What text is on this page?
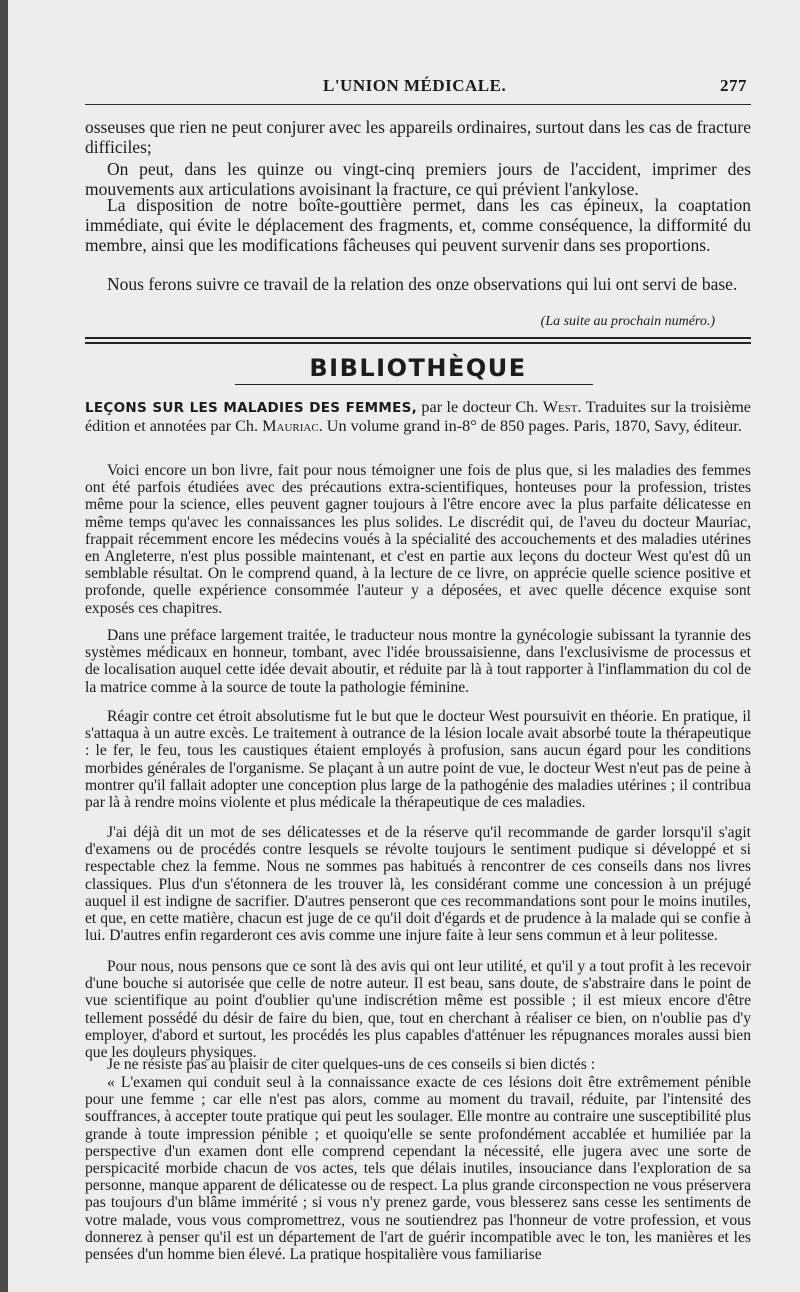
L'UNION MÉDICALE.	277

osseuses que rien ne peut conjurer avec les appareils ordinaires, surtout dans les cas de fracture difficiles;

On peut, dans les quinze ou vingt-cinq premiers jours de l'accident, imprimer des mouvements aux articulations avoisinant la fracture, ce qui prévient l'ankylose.

La disposition de notre boîte-gouttière permet, dans les cas épineux, la coaptation immédiate, qui évite le déplacement des fragments, et, comme conséquence, la difformité du membre, ainsi que les modifications fâcheuses qui peuvent survenir dans ses proportions.

Nous ferons suivre ce travail de la relation des onze observations qui lui ont servi de base.

(La suite au prochain numéro.)
BIBLIOTHÈQUE

LEÇONS SUR LES MALADIES DES FEMMES, par le docteur Ch. West. Traduites sur la troisième édition et annotées par Ch. Mauriac. Un volume grand in-8° de 850 pages. Paris, 1870, Savy, éditeur.

Voici encore un bon livre, fait pour nous témoigner une fois de plus que, si les maladies des femmes ont été parfois étudiées avec des précautions extra-scientifiques, honteuses pour la profession, tristes même pour la science, elles peuvent gagner toujours à l'être encore avec la plus parfaite délicatesse en même temps qu'avec les connaissances les plus solides. Le discrédit qui, de l'aveu du docteur Mauriac, frappait récemment encore les médecins voués à la spécialité des accouchements et des maladies utérines en Angleterre, n'est plus possible maintenant, et c'est en partie aux leçons du docteur West qu'est dû un semblable résultat. On le comprend quand, à la lecture de ce livre, on apprécie quelle science positive et profonde, quelle expérience consommée l'auteur y a déposées, et avec quelle décence exquise sont exposés ces chapitres.

Dans une préface largement traitée, le traducteur nous montre la gynécologie subissant la tyrannie des systèmes médicaux en honneur, tombant, avec l'idée broussaisienne, dans l'exclusivisme de processus et de localisation auquel cette idée devait aboutir, et réduite par là à tout rapporter à l'inflammation du col de la matrice comme à la source de toute la pathologie féminine.

Réagir contre cet étroit absolutisme fut le but que le docteur West poursuivit en théorie. En pratique, il s'attaqua à un autre excès. Le traitement à outrance de la lésion locale avait absorbé toute la thérapeutique : le fer, le feu, tous les caustiques étaient employés à profusion, sans aucun égard pour les conditions morbides générales de l'organisme. Se plaçant à un autre point de vue, le docteur West n'eut pas de peine à montrer qu'il fallait adopter une conception plus large de la pathogénie des maladies utérines ; il contribua par là à rendre moins violente et plus médicale la thérapeutique de ces maladies.

J'ai déjà dit un mot de ses délicatesses et de la réserve qu'il recommande de garder lorsqu'il s'agit d'examens ou de procédés contre lesquels se révolte toujours le sentiment pudique si développé et si respectable chez la femme. Nous ne sommes pas habitués à rencontrer de ces conseils dans nos livres classiques. Plus d'un s'étonnera de les trouver là, les considérant comme une concession à un préjugé auquel il est indigne de sacrifier. D'autres penseront que ces recommandations sont pour le moins inutiles, et que, en cette matière, chacun est juge de ce qu'il doit d'égards et de prudence à la malade qui se confie à lui. D'autres enfin regarderont ces avis comme une injure faite à leur sens commun et à leur politesse.

Pour nous, nous pensons que ce sont là des avis qui ont leur utilité, et qu'il y a tout profit à les recevoir d'une bouche si autorisée que celle de notre auteur. Il est beau, sans doute, de s'abstraire dans le point de vue scientifique au point d'oublier qu'une indiscrétion même est possible ; il est mieux encore d'être tellement possédé du désir de faire du bien, que, tout en cherchant à réaliser ce bien, on n'oublie pas d'y employer, d'abord et surtout, les procédés les plus capables d'atténuer les répugnances morales aussi bien que les douleurs physiques.

Je ne résiste pas au plaisir de citer quelques-uns de ces conseils si bien dictés :

« L'examen qui conduit seul à la connaissance exacte de ces lésions doit être extrêmement pénible pour une femme ; car elle n'est pas alors, comme au moment du travail, réduite, par l'intensité des souffrances, à accepter toute pratique qui peut les soulager. Elle montre au contraire une susceptibilité plus grande à toute impression pénible ; et quoiqu'elle se sente profondément accablée et humiliée par la perspective d'un examen dont elle comprend cependant la nécessité, elle jugera avec une sorte de perspicacité morbide chacun de vos actes, tels que délais inutiles, insouciance dans l'exploration de sa personne, manque apparent de délicatesse ou de respect. La plus grande circonspection ne vous préservera pas toujours d'un blâme immérité ; si vous n'y prenez garde, vous blesserez sans cesse les sentiments de votre malade, vous vous compromettrez, vous ne soutiendrez pas l'honneur de votre profession, et vous donnerez à penser qu'il est un département de l'art de guérir incompatible avec le ton, les manières et les pensées d'un homme bien élevé. La pratique hospitalière vous familiarise
